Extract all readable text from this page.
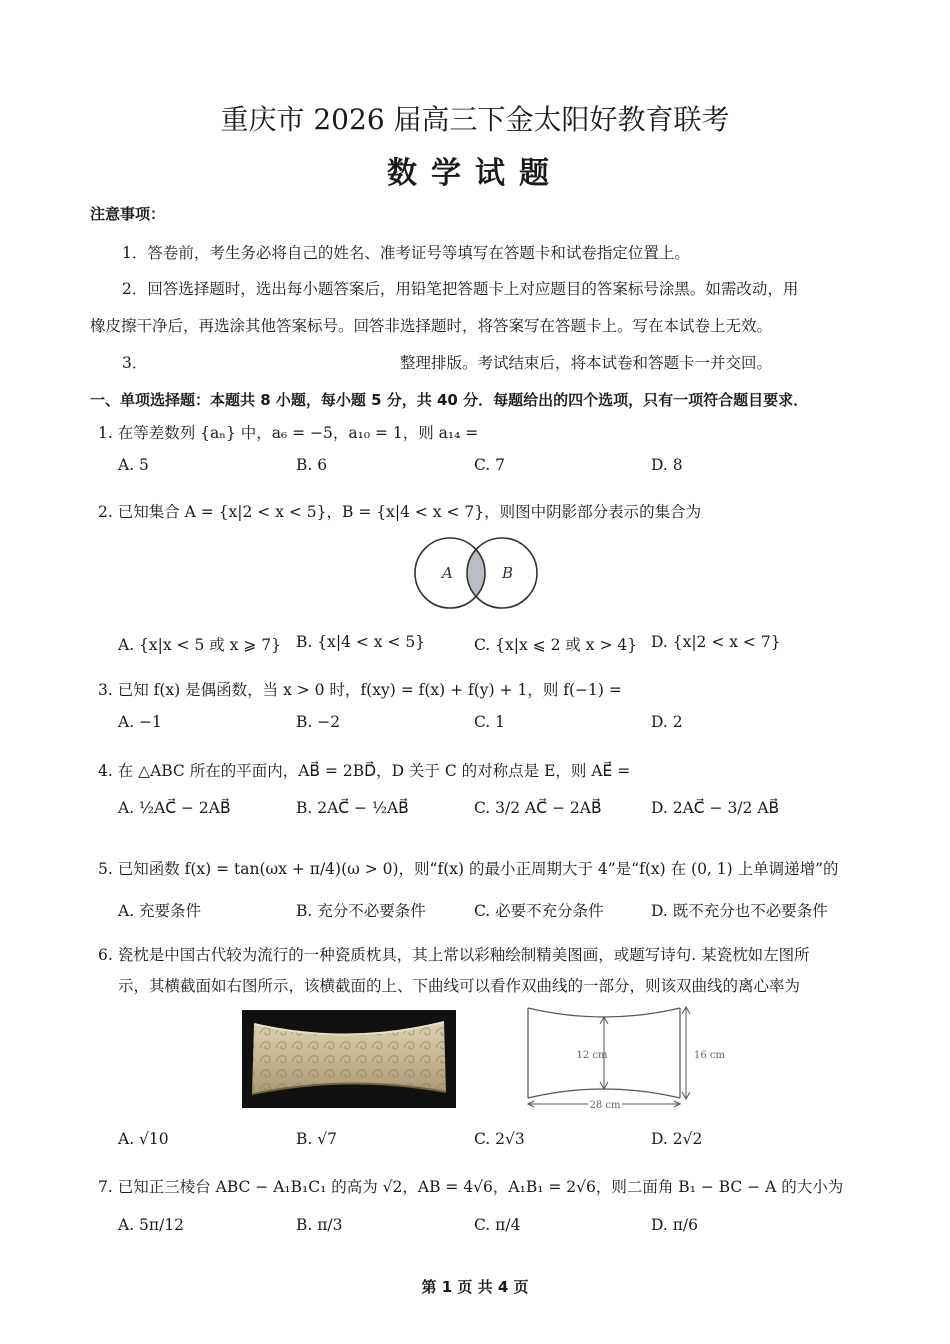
重庆市 2026 届高三下金太阳好教育联考
数学试题
注意事项：
1．答卷前，考生务必将自己的姓名、准考证号等填写在答题卡和试卷指定位置上。
2．回答选择题时，选出每小题答案后，用铅笔把答题卡上对应题目的答案标号涂黑。如需改动，用
橡皮擦干净后，再选涂其他答案标号。回答非选择题时，将答案写在答题卡上。写在本试卷上无效。
3．	整理排版。考试结束后，将本试卷和答题卡一并交回。
一、单项选择题：本题共 8 小题，每小题 5 分，共 40 分．每题给出的四个选项，只有一项符合题目要求．
1. 在等差数列 {aₙ} 中，a₆ = −5，a₁₀ = 1，则 a₁₄ =
A. 5	B. 6	C. 7	D. 8
2. 已知集合 A = {x|2 < x < 5}，B = {x|4 < x < 7}，则图中阴影部分表示的集合为
A	B
A. {x|x < 5 或 x ⩾ 7} B. {x|4 < x < 5}	C. {x|x ⩽ 2 或 x > 4} D. {x|2 < x < 7}
3. 已知 f(x) 是偶函数，当 x > 0 时，f(xy) = f(x) + f(y) + 1，则 f(−1) =
A. −1	B. −2	C. 1	D. 2
4. 在 △ABC 所在的平面内，AB⃗ = 2BD⃗，D 关于 C 的对称点是 E，则 AE⃗ =
A. ½AC⃗ − 2AB⃗	B. 2AC⃗ − ½AB⃗	C. 3/2 AC⃗ − 2AB⃗	D. 2AC⃗ − 3/2 AB⃗
5. 已知函数 f(x) = tan(ωx + π/4)(ω > 0)，则“f(x) 的最小正周期大于 4”是“f(x) 在 (0, 1) 上单调递增”的
A. 充要条件	B. 充分不必要条件	C. 必要不充分条件	D. 既不充分也不必要条件
6. 瓷枕是中国古代较为流行的一种瓷质枕具，其上常以彩釉绘制精美图画，或题写诗句. 某瓷枕如左图所
示，其横截面如右图所示，该横截面的上、下曲线可以看作双曲线的一部分，则该双曲线的离心率为
12 cm	16 cm
28 cm
A. √10	B. √7	C. 2√3	D. 2√2
7. 已知正三棱台 ABC − A₁B₁C₁ 的高为 √2，AB = 4√6，A₁B₁ = 2√6，则二面角 B₁ − BC − A 的大小为
A. 5π/12	B. π/3	C. π/4	D. π/6
第 1 页 共 4 页
